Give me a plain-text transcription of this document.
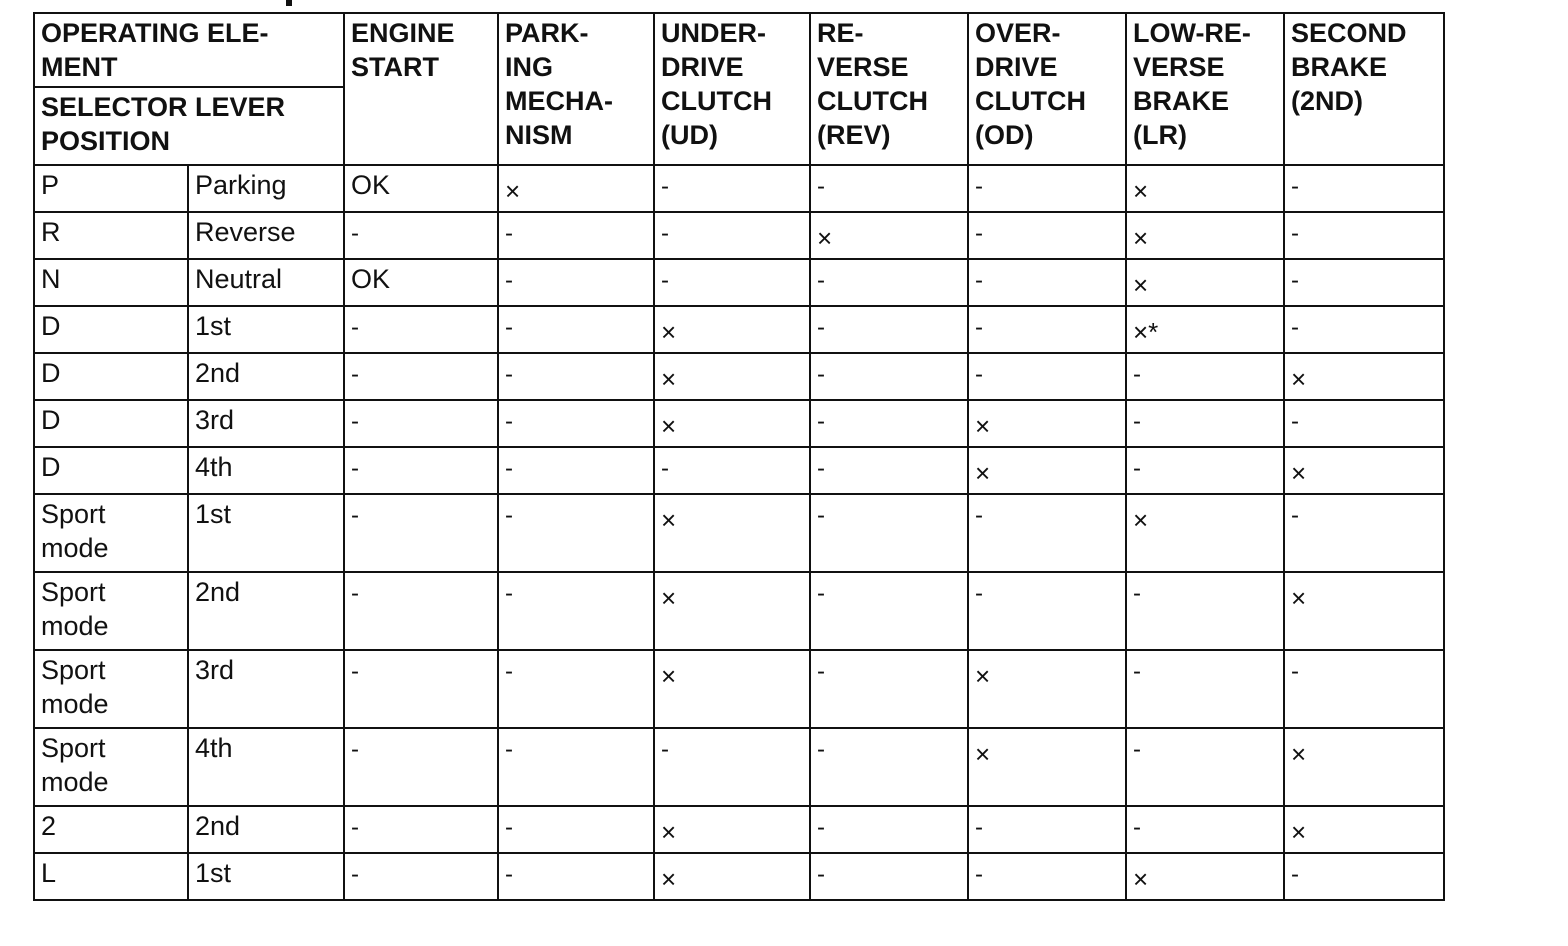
OPERATING ELE-
MENT		ENGINE
START	PARK-
ING
MECHA-
NISM	UNDER-
DRIVE
CLUTCH
(UD)	RE-
VERSE
CLUTCH
(REV)	OVER-
DRIVE
CLUTCH
(OD)	LOW-RE-
VERSE
BRAKE
(LR)	SECOND
BRAKE
(2ND)
SELECTOR LEVER
POSITION								
P	Parking	OK	×	-	-	-	×	-
R	Reverse	-	-	-	×	-	×	-
N	Neutral	OK	-	-	-	-	×	-
D	1st	-	-	×	-	-	×*	-
D	2nd	-	-	×	-	-	-	×
D	3rd	-	-	×	-	×	-	-
D	4th	-	-	-	-	×	-	×
Sport
mode	1st	-	-	×	-	-	×	-
Sport
mode	2nd	-	-	×	-	-	-	×
Sport
mode	3rd	-	-	×	-	×	-	-
Sport
mode	4th	-	-	-	-	×	-	×
2	2nd	-	-	×	-	-	-	×
L	1st	-	-	×	-	-	×	-
